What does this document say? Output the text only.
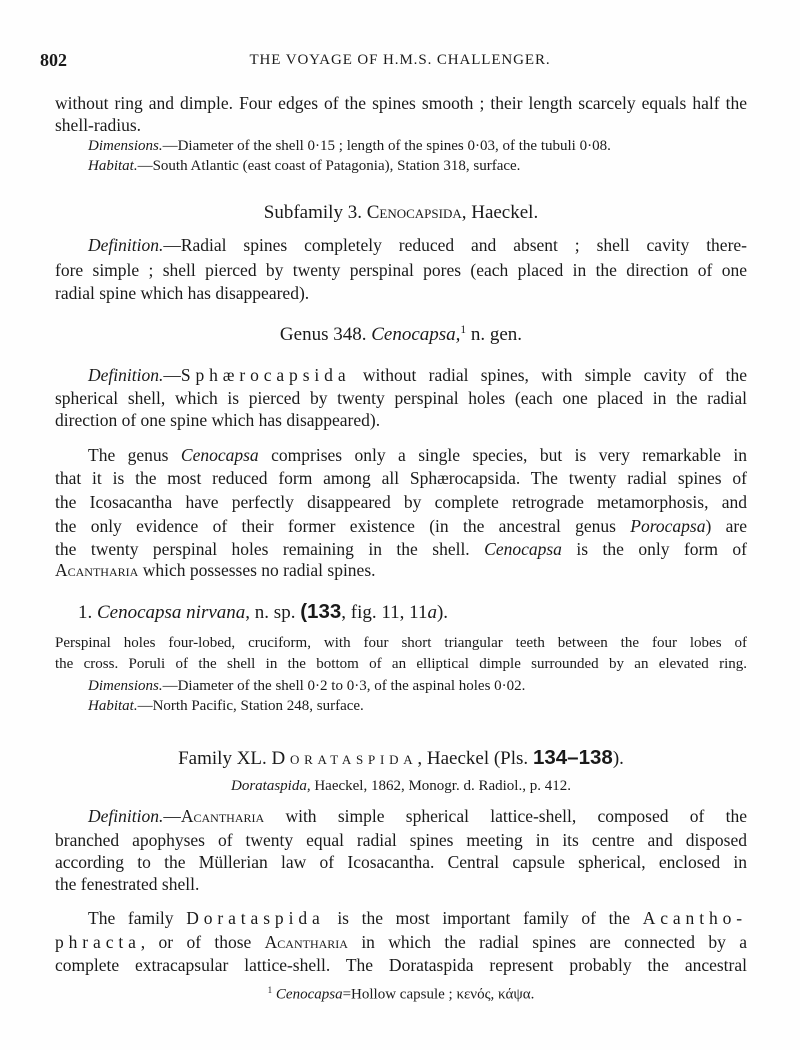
802	THE VOYAGE OF H.M.S. CHALLENGER.
without ring and dimple. Four edges of the spines smooth ; their length scarcely equals half the
shell-radius.
Dimensions.—Diameter of the shell 0·15 ; length of the spines 0·03, of the tubuli 0·08.
Habitat.—South Atlantic (east coast of Patagonia), Station 318, surface.
Subfamily 3. Cenocapsida, Haeckel.
Definition.—Radial spines completely reduced and absent ; shell cavity there-
fore simple ; shell pierced by twenty perspinal pores (each placed in the direction of one
radial spine which has disappeared).
Genus 348. Cenocapsa,$^1$ n. gen.
Definition.—Sphærocapsida without radial spines, with simple cavity of the
spherical shell, which is pierced by twenty perspinal holes (each one placed in the radial
direction of one spine which has disappeared).
The genus Cenocapsa comprises only a single species, but is very remarkable in
that it is the most reduced form among all Sphærocapsida. The twenty radial spines of
the Icosacantha have perfectly disappeared by complete retrograde metamorphosis, and
the only evidence of their former existence (in the ancestral genus Porocapsa) are
the twenty perspinal holes remaining in the shell. Cenocapsa is the only form of
Acantharia which possesses no radial spines.
1. Cenocapsa nirvana, n. sp. (133, fig. 11, 11a).
Perspinal holes four-lobed, cruciform, with four short triangular teeth between the four lobes of
the cross. Poruli of the shell in the bottom of an elliptical dimple surrounded by an elevated ring.
Dimensions.—Diameter of the shell 0·2 to 0·3, of the aspinal holes 0·02.
Habitat.—North Pacific, Station 248, surface.
Family XL. Dorataspida, Haeckel (Pls. 134–138).
Dorataspida, Haeckel, 1862, Monogr. d. Radiol., p. 412.
Definition.—Acantharia with simple spherical lattice-shell, composed of the
branched apophyses of twenty equal radial spines meeting in its centre and disposed
according to the Müllerian law of Icosacantha. Central capsule spherical, enclosed in
the fenestrated shell.
The family Dorataspida is the most important family of the Acantho-
phracta, or of those Acantharia in which the radial spines are connected by a
complete extracapsular lattice-shell. The Dorataspida represent probably the ancestral
$^1$ Cenocapsa=Hollow capsule ; κενός, κάψα.
